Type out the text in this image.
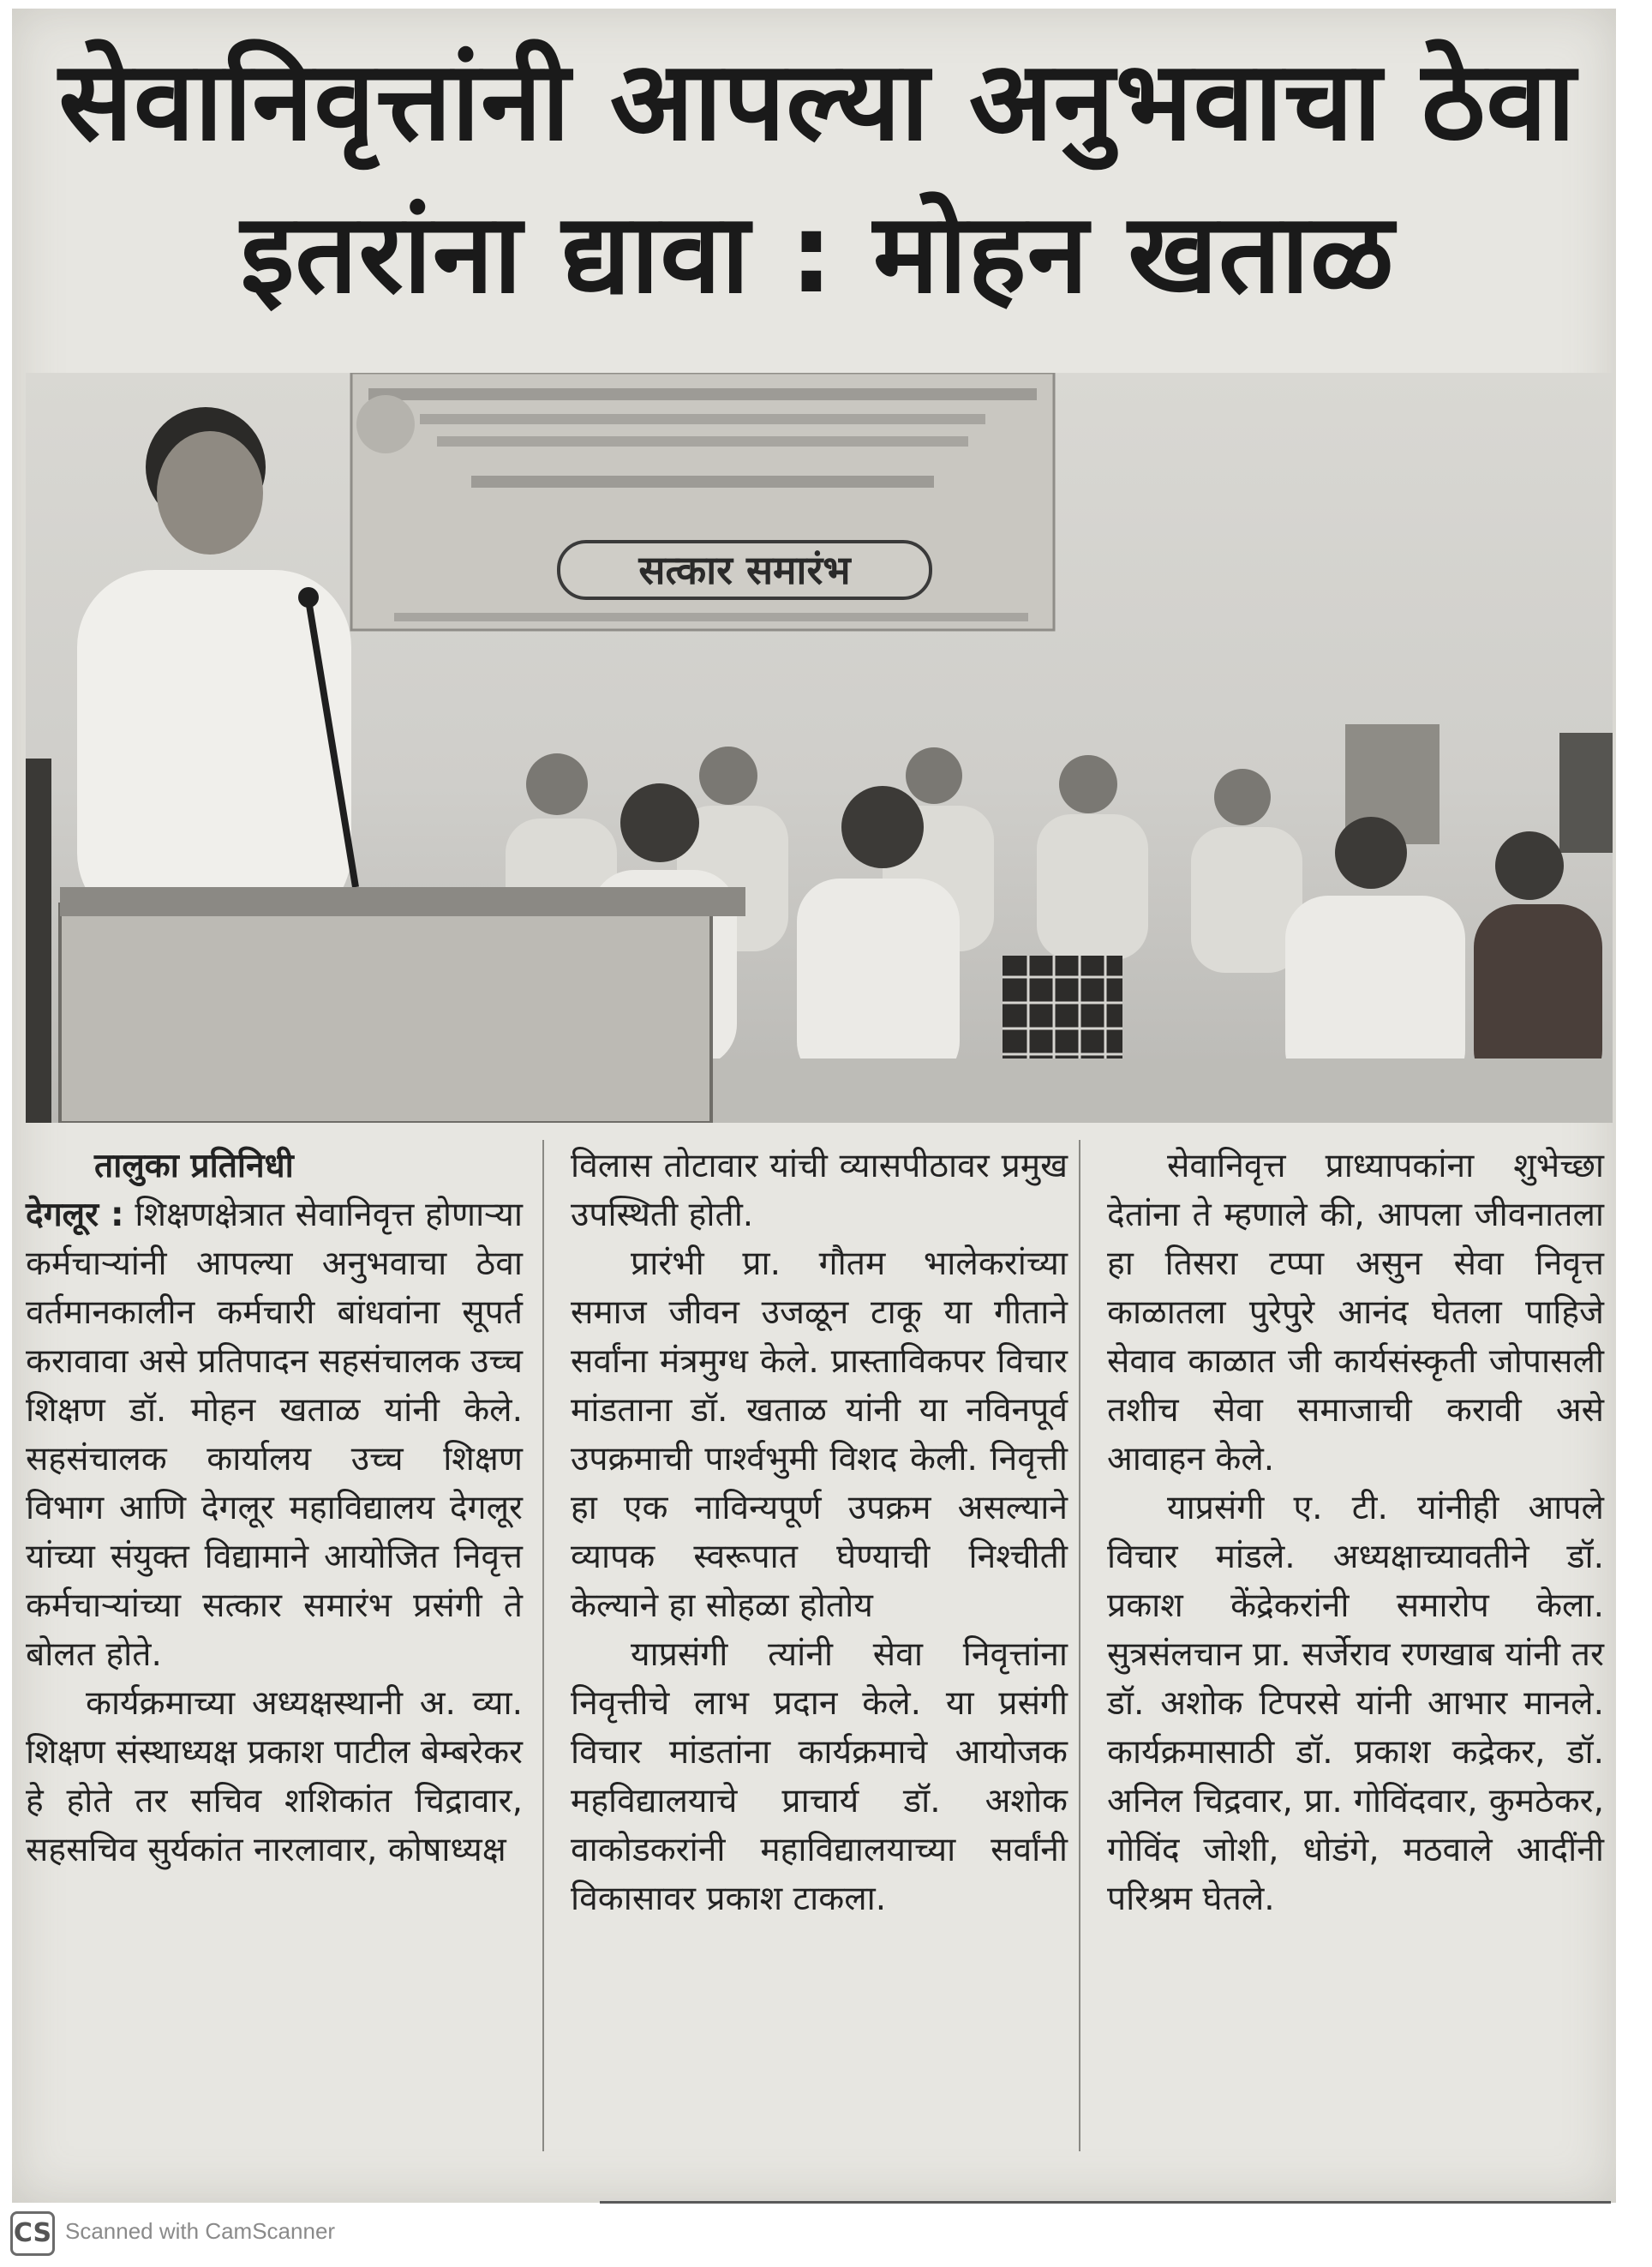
सेवानिवृत्तांनी आपल्या अनुभवाचा ठेवा इतरांना द्यावा : मोहन खताळ
सत्कार समारंभ

तालुका प्रतिनिधी

देगलूर : शिक्षणक्षेत्रात सेवानिवृत्त होणाऱ्या कर्मचाऱ्यांनी आपल्या अनुभवाचा ठेवा वर्तमानकालीन कर्मचारी बांधवांना सूपर्त करावावा असे प्रतिपादन सहसंचालक उच्च शिक्षण डॉ. मोहन खताळ यांनी केले. सहसंचालक कार्यालय उच्च शिक्षण विभाग आणि देगलूर महाविद्यालय देगलूर यांच्या संयुक्त विद्यामाने आयोजित निवृत्त कर्मचाऱ्यांच्या सत्कार समारंभ प्रसंगी ते बोलत होते.

कार्यक्रमाच्या अध्यक्षस्थानी अ. व्या. शिक्षण संस्थाध्यक्ष प्रकाश पाटील बेम्बरेकर हे होते तर सचिव शशिकांत चिद्रावार, सहसचिव सुर्यकांत नारलावार, कोषाध्यक्ष

विलास तोटावार यांची व्यासपीठावर प्रमुख उपस्थिती होती.

प्रारंभी प्रा. गौतम भालेकरांच्या समाज जीवन उजळून टाकू या गीताने सर्वांना मंत्रमुग्ध केले. प्रास्ताविकपर विचार मांडताना डॉ. खताळ यांनी या नविनपूर्व उपक्रमाची पार्श्वभुमी विशद केली. निवृत्ती हा एक नाविन्यपूर्ण उपक्रम असल्याने व्यापक स्वरूपात घेण्याची निश्चीती केल्याने हा सोहळा होतोय

याप्रसंगी त्यांनी सेवा निवृत्तांना निवृत्तीचे लाभ प्रदान केले. या प्रसंगी विचार मांडतांना कार्यक्रमाचे आयोजक महविद्यालयाचे प्राचार्य डॉ. अशोक वाकोडकरांनी महाविद्यालयाच्या सर्वांनी विकासावर प्रकाश टाकला.

सेवानिवृत्त प्राध्यापकांना शुभेच्छा देतांना ते म्हणाले की, आपला जीवनातला हा तिसरा टप्पा असुन सेवा निवृत्त काळातला पुरेपुरे आनंद घेतला पाहिजे सेवाव काळात जी कार्यसंस्कृती जोपासली तशीच सेवा समाजाची करावी असे आवाहन केले.

याप्रसंगी ए. टी. यांनीही आपले विचार मांडले. अध्यक्षाच्यावतीने डॉ. प्रकाश केंद्रेकरांनी समारोप केला. सुत्रसंलचान प्रा. सर्जेराव रणखाब यांनी तर डॉ. अशोक टिपरसे यांनी आभार मानले. कार्यक्रमासाठी डॉ. प्रकाश कद्रेकर, डॉ. अनिल चिद्रवार, प्रा. गोविंदवार, कुमठेकर, गोविंद जोशी, धोडंगे, मठवाले आदींनी परिश्रम घेतले.

CS Scanned with CamScanner
